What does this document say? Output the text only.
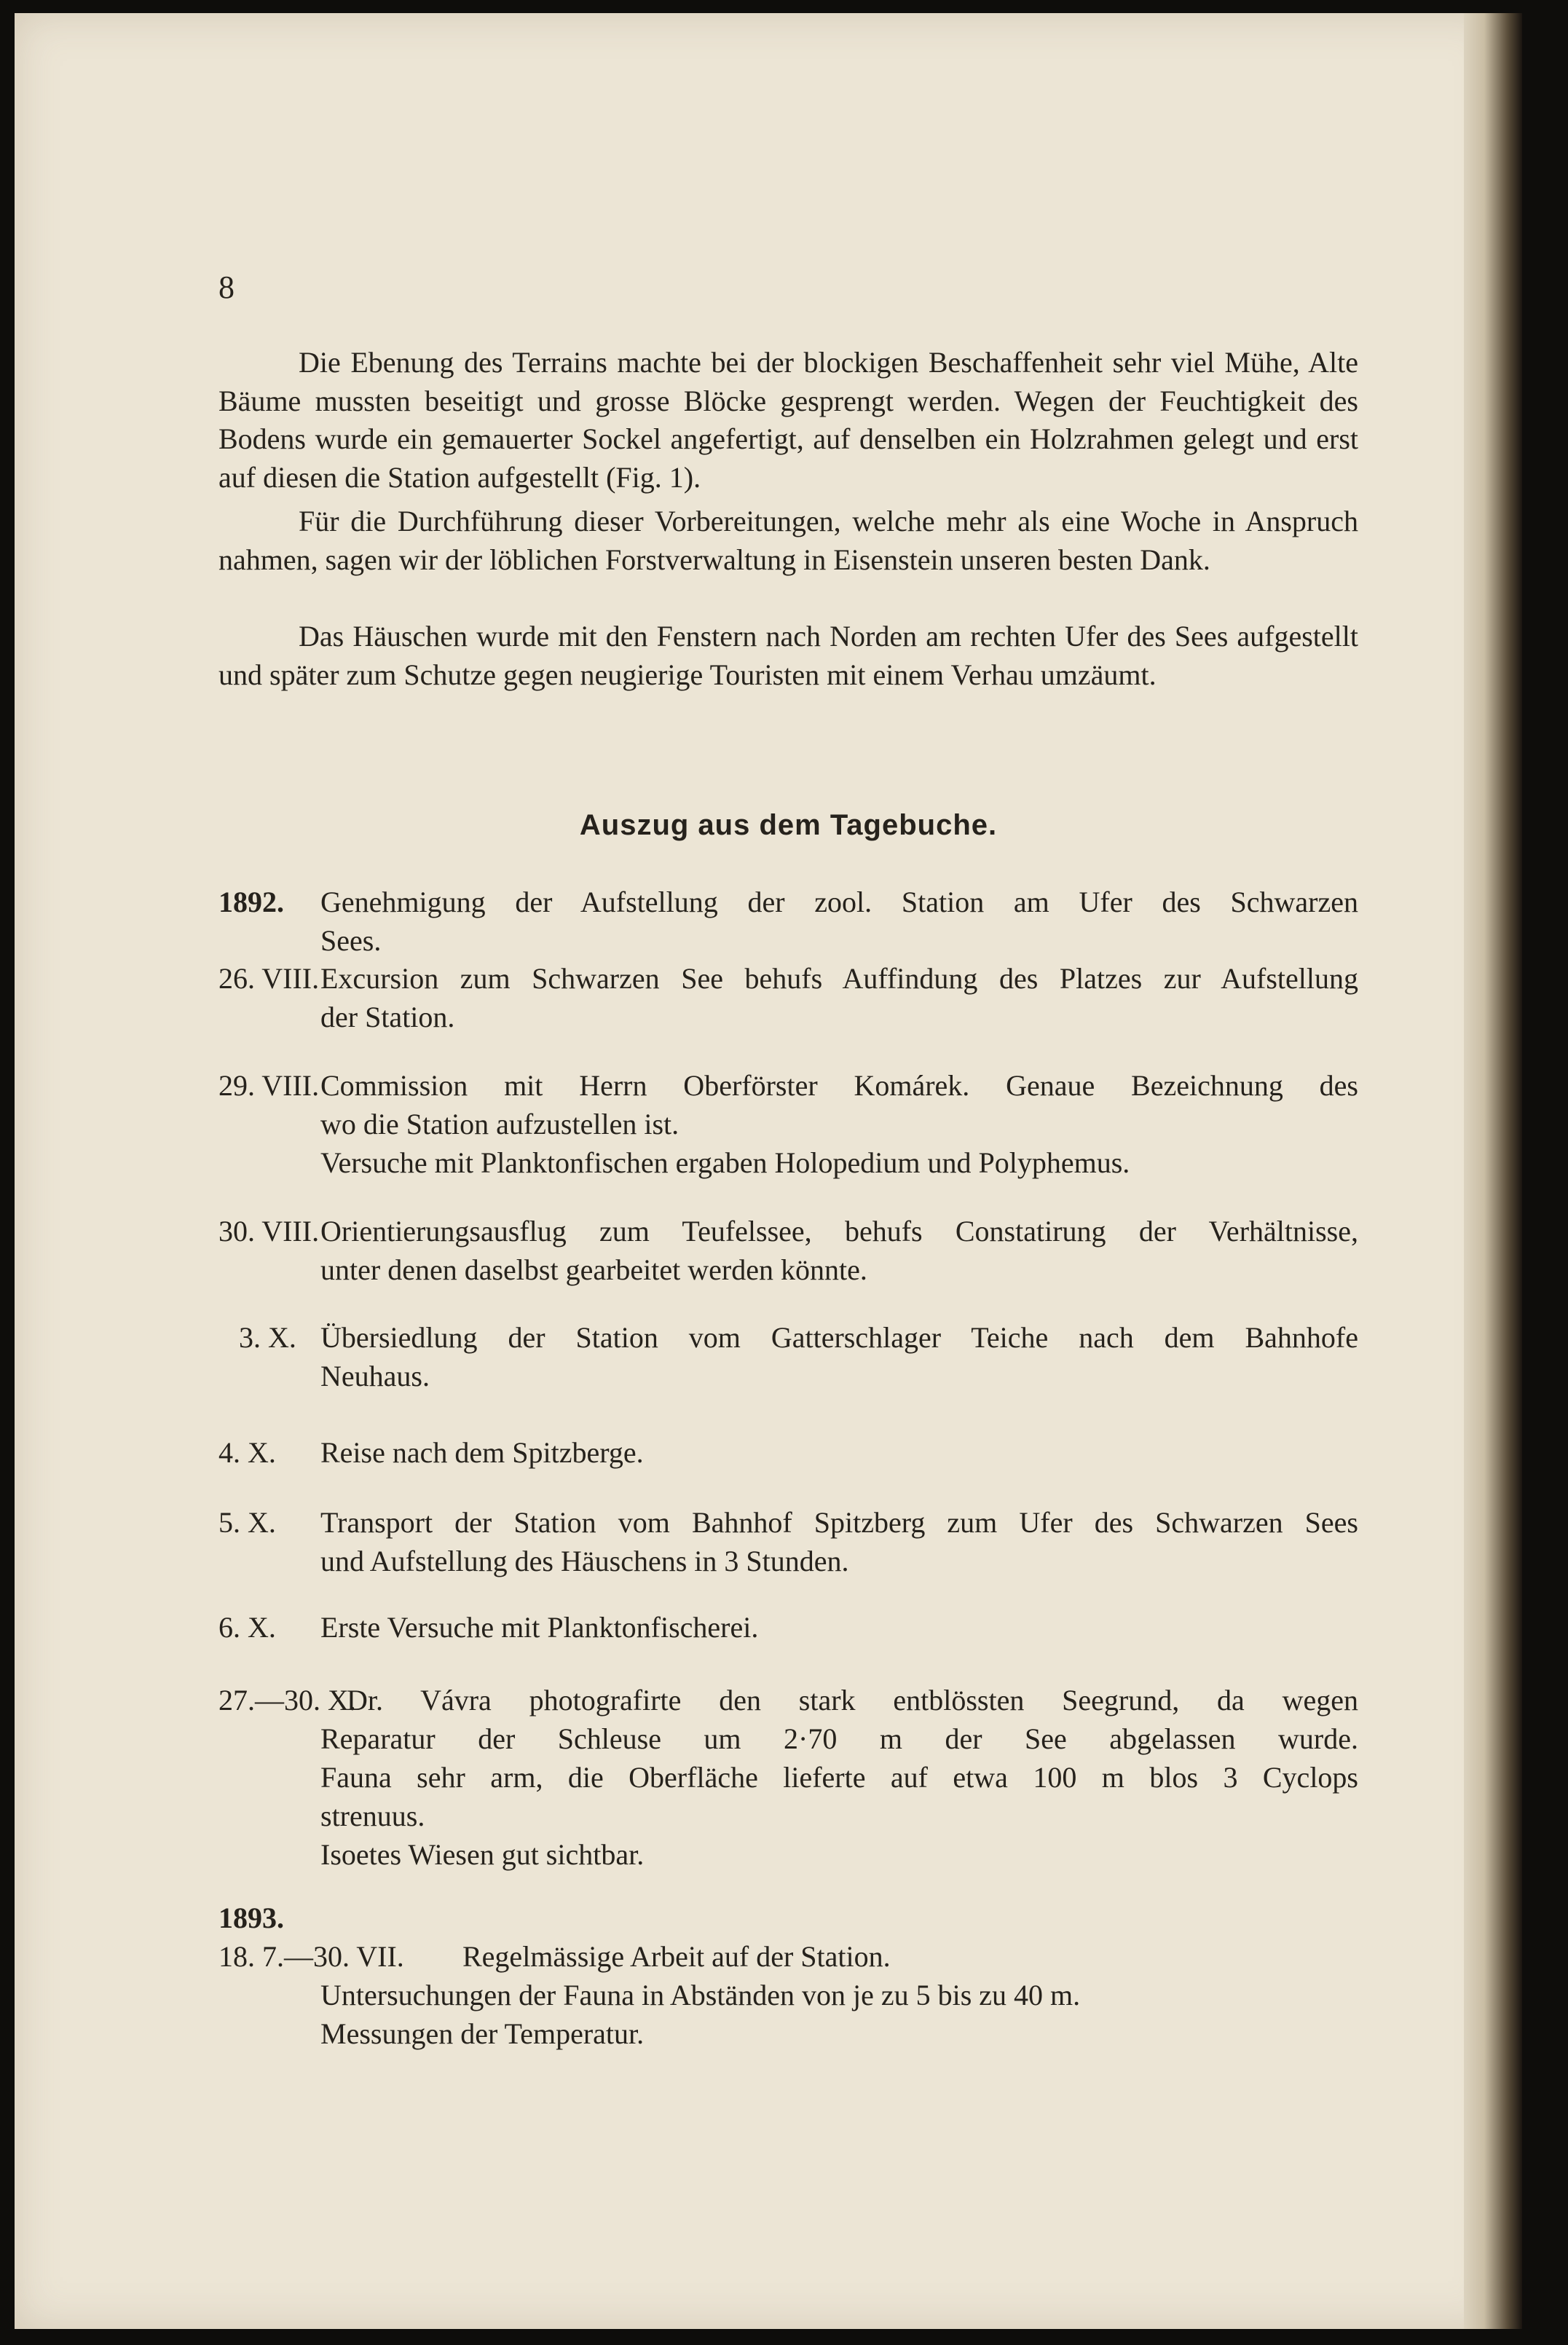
8

Die Ebenung des Terrains machte bei der blockigen Beschaffenheit sehr viel Mühe, Alte Bäume mussten beseitigt und grosse Blöcke gesprengt werden. Wegen der Feuchtigkeit des Bodens wurde ein gemauerter Sockel angefertigt, auf denselben ein Holzrahmen gelegt und erst auf diesen die Station aufgestellt (Fig. 1).

Für die Durchführung dieser Vorbereitungen, welche mehr als eine Woche in Anspruch nahmen, sagen wir der löblichen Forstverwaltung in Eisenstein unseren besten Dank.

Das Häuschen wurde mit den Fenstern nach Norden am rechten Ufer des Sees aufgestellt und später zum Schutze gegen neugierige Touristen mit einem Verhau umzäumt.

Auszug aus dem Tagebuche.
1892.	Genehmigung der Aufstellung der zool. Station am Ufer des Schwarzen
Sees.
26. VIII. Excursion zum Schwarzen See behufs Auffindung des Platzes zur Aufstellung
der Station.
29. VIII. Commission mit Herrn Oberförster Komárek. Genaue Bezeichnung des
wo die Station aufzustellen ist.
Versuche mit Planktonfischen ergaben Holopedium und Polyphemus.
30. VIII. Orientierungsausflug zum Teufelssee, behufs Constatirung der Verhältnisse,
unter denen daselbst gearbeitet werden könnte.
3. X. Übersiedlung der Station vom Gatterschlager Teiche nach dem Bahnhofe
Neuhaus.
4. X.	Reise nach dem Spitzberge.
5. X.	Transport der Station vom Bahnhof Spitzberg zum Ufer des Schwarzen Sees
und Aufstellung des Häuschens in 3 Stunden.
6. X.	Erste Versuche mit Planktonfischerei.
27.—30. X.
Dr. Vávra photografirte den stark entblössten Seegrund, da wegen
Reparatur der Schleuse um 2·70 m der See abgelassen wurde.
Fauna sehr arm, die Oberfläche lieferte auf etwa 100 m blos 3 Cyclops
strenuus.
Isoetes Wiesen gut sichtbar.
1893.
18. 7.—30. VII.	Regelmässige Arbeit auf der Station.
Untersuchungen der Fauna in Abständen von je zu 5 bis zu 40 m.
Messungen der Temperatur.
